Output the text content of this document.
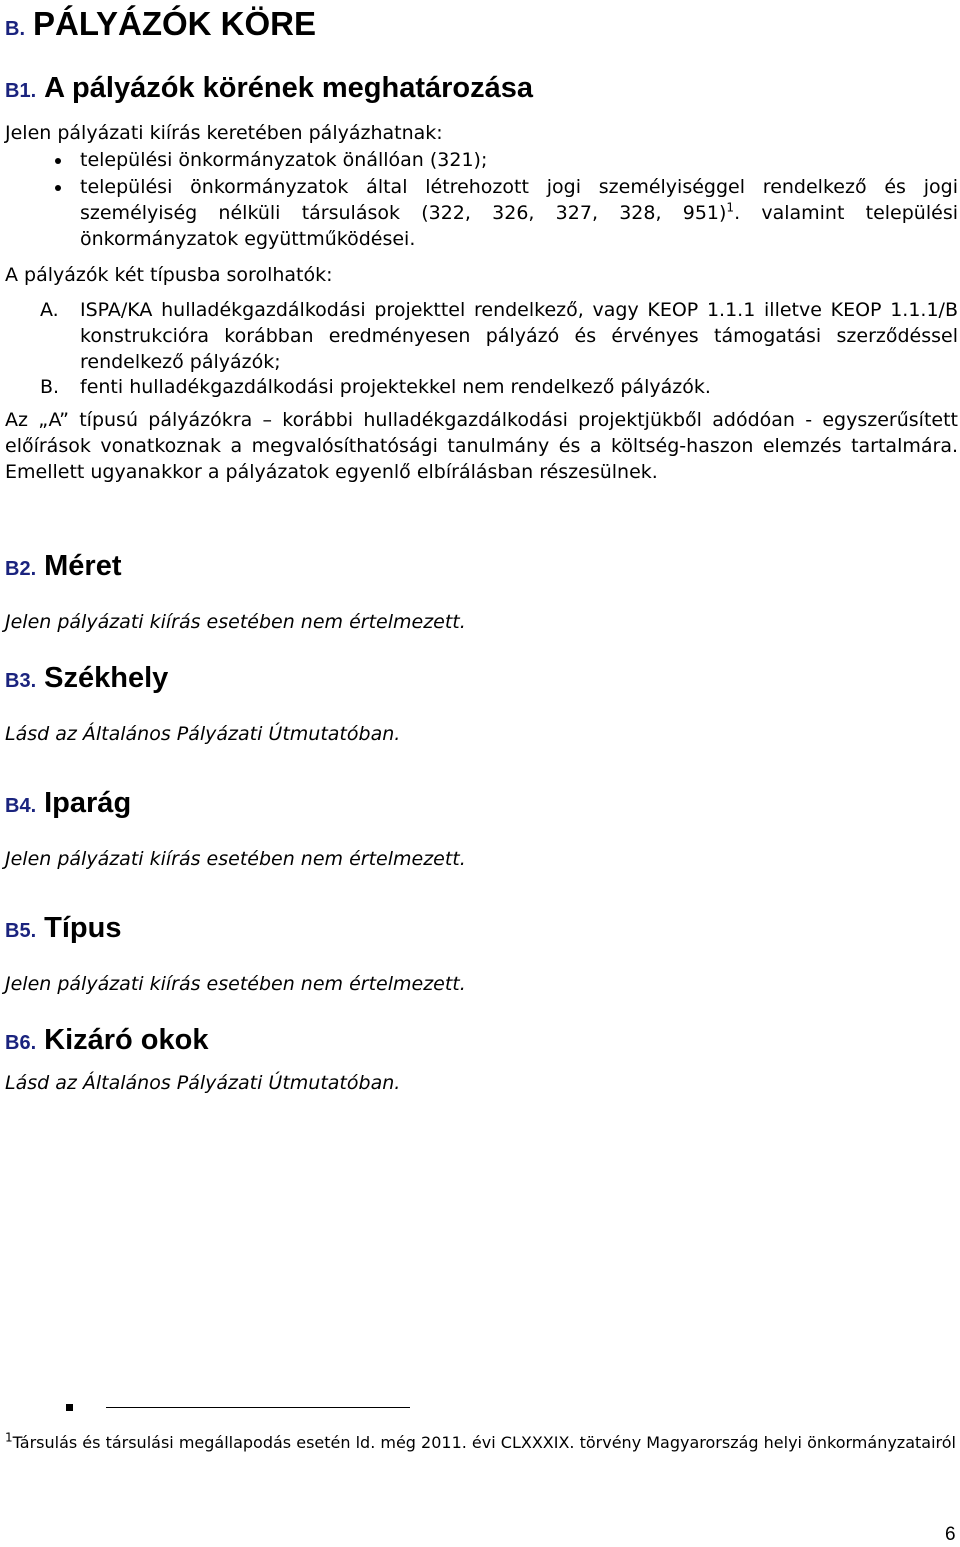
B. PÁLYÁZÓK KÖRE
B1. A pályázók körének meghatározása
Jelen pályázati kiírás keretében pályázhatnak:
települési önkormányzatok önállóan (321);
települési önkormányzatok által létrehozott jogi személyiséggel rendelkező és jogi személyiség nélküli társulások (322, 326, 327, 328, 951)$^1$. valamint települési önkormányzatok együttműködései.
A pályázók két típusba sorolhatók:
A. ISPA/KA hulladékgazdálkodási projekttel rendelkező, vagy KEOP 1.1.1 illetve KEOP 1.1.1/B konstrukcióra korábban eredményesen pályázó és érvényes támogatási szerződéssel rendelkező pályázók;
B. fenti hulladékgazdálkodási projektekkel nem rendelkező pályázók.
Az „A” típusú pályázókra – korábbi hulladékgazdálkodási projektjükből adódóan - egyszerűsített előírások vonatkoznak a megvalósíthatósági tanulmány és a költség-haszon elemzés tartalmára. Emellett ugyanakkor a pályázatok egyenlő elbírálásban részesülnek.
B2. Méret
Jelen pályázati kiírás esetében nem értelmezett.
B3. Székhely
Lásd az Általános Pályázati Útmutatóban.
B4. Iparág
Jelen pályázati kiírás esetében nem értelmezett.
B5. Típus
Jelen pályázati kiírás esetében nem értelmezett.
B6. Kizáró okok
Lásd az Általános Pályázati Útmutatóban.
$^1$Társulás és társulási megállapodás esetén ld. még 2011. évi CLXXXIX. törvény Magyarország helyi önkormányzatairól
6
